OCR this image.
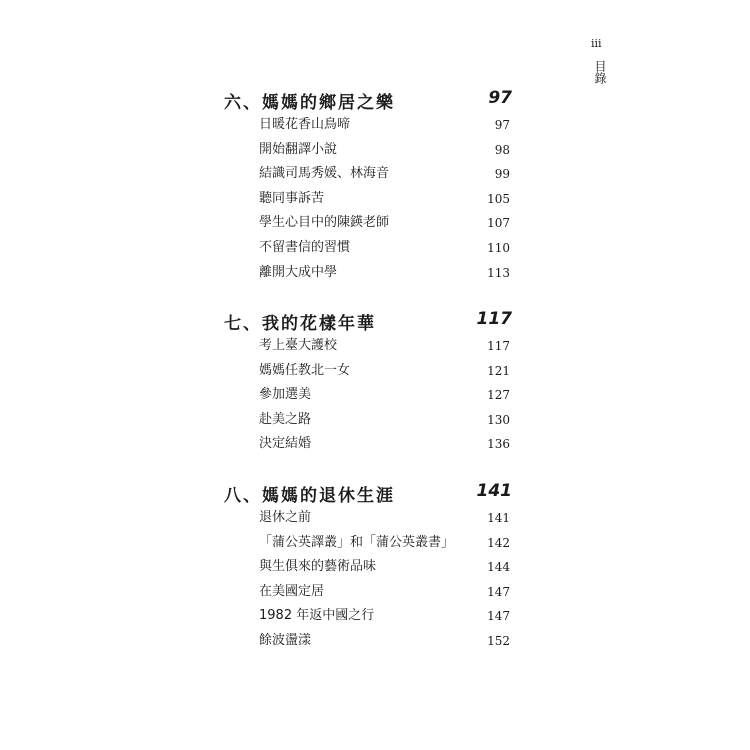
iii
目錄
六、媽媽的鄉居之樂	97
日暖花香山鳥啼	97
開始翻譯小說	98
結識司馬秀媛、林海音	99
聽同事訴苦	105
學生心目中的陳鍈老師	107
不留書信的習慣	110
離開大成中學	113
七、我的花樣年華	117
考上臺大護校	117
媽媽任教北一女	121
參加選美	127
赴美之路	130
決定結婚	136
八、媽媽的退休生涯	141
退休之前	141
「蒲公英譯叢」和「蒲公英叢書」	142
與生俱來的藝術品味	144
在美國定居	147
1982 年返中國之行	147
餘波盪漾	152
